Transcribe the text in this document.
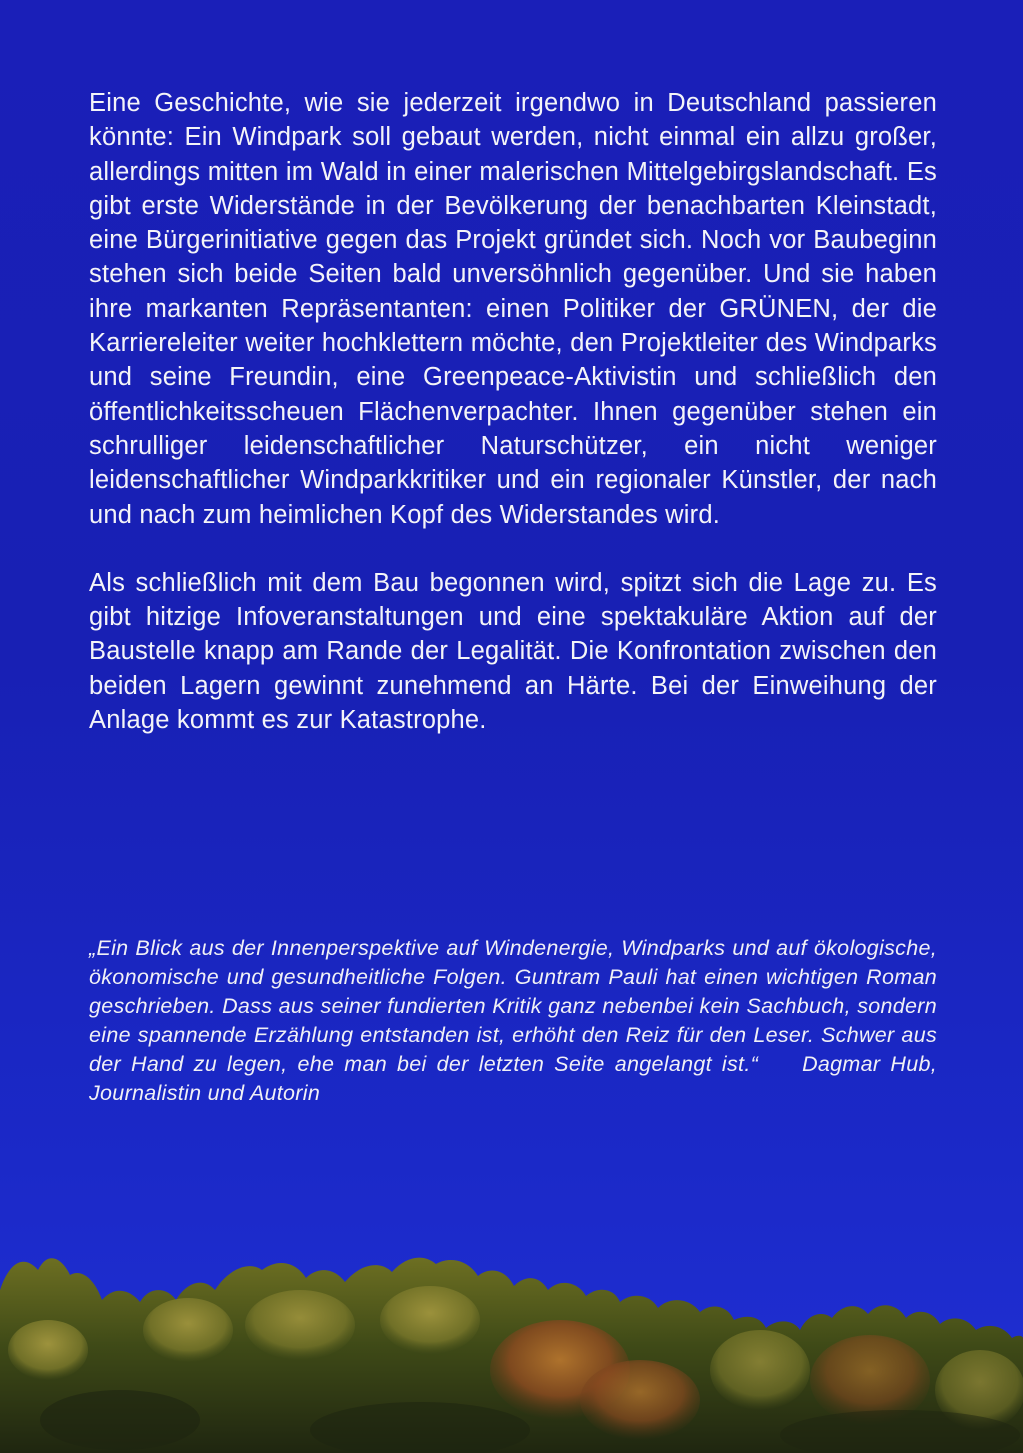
Eine Geschichte, wie sie jederzeit irgendwo in Deutschland passieren könnte: Ein Windpark soll gebaut werden, nicht einmal ein allzu großer, allerdings mitten im Wald in einer malerischen Mittelgebirgslandschaft. Es gibt erste Widerstände in der Bevölkerung der benachbarten Kleinstadt, eine Bürgerinitiative gegen das Projekt gründet sich. Noch vor Baubeginn stehen sich beide Seiten bald unversöhnlich gegenüber. Und sie haben ihre markanten Repräsentanten: einen Politiker der GRÜNEN, der die Karriereleiter weiter hochklettern möchte, den Projektleiter des Windparks und seine Freundin, eine Greenpeace-Aktivistin und schließlich den öffentlichkeitsscheuen Flächenverpachter. Ihnen gegenüber stehen ein schrulliger leidenschaftlicher Naturschützer, ein nicht weniger leidenschaftlicher Windparkkritiker und ein regionaler Künstler, der nach und nach zum heimlichen Kopf des Widerstandes wird.

Als schließlich mit dem Bau begonnen wird, spitzt sich die Lage zu. Es gibt hitzige Infoveranstaltungen und eine spektakuläre Aktion auf der Baustelle knapp am Rande der Legalität. Die Konfrontation zwischen den beiden Lagern gewinnt zunehmend an Härte. Bei der Einweihung der Anlage kommt es zur Katastrophe.

„Ein Blick aus der Innenperspektive auf Windenergie, Windparks und auf ökologische, ökonomische und gesundheitliche Folgen. Guntram Pauli hat einen wichtigen Roman geschrieben. Dass aus seiner fundierten Kritik ganz nebenbei kein Sachbuch, sondern eine spannende Erzählung entstanden ist, erhöht den Reiz für den Leser. Schwer aus der Hand zu legen, ehe man bei der letzten Seite angelangt ist.“ Dagmar Hub, Journalistin und Autorin
